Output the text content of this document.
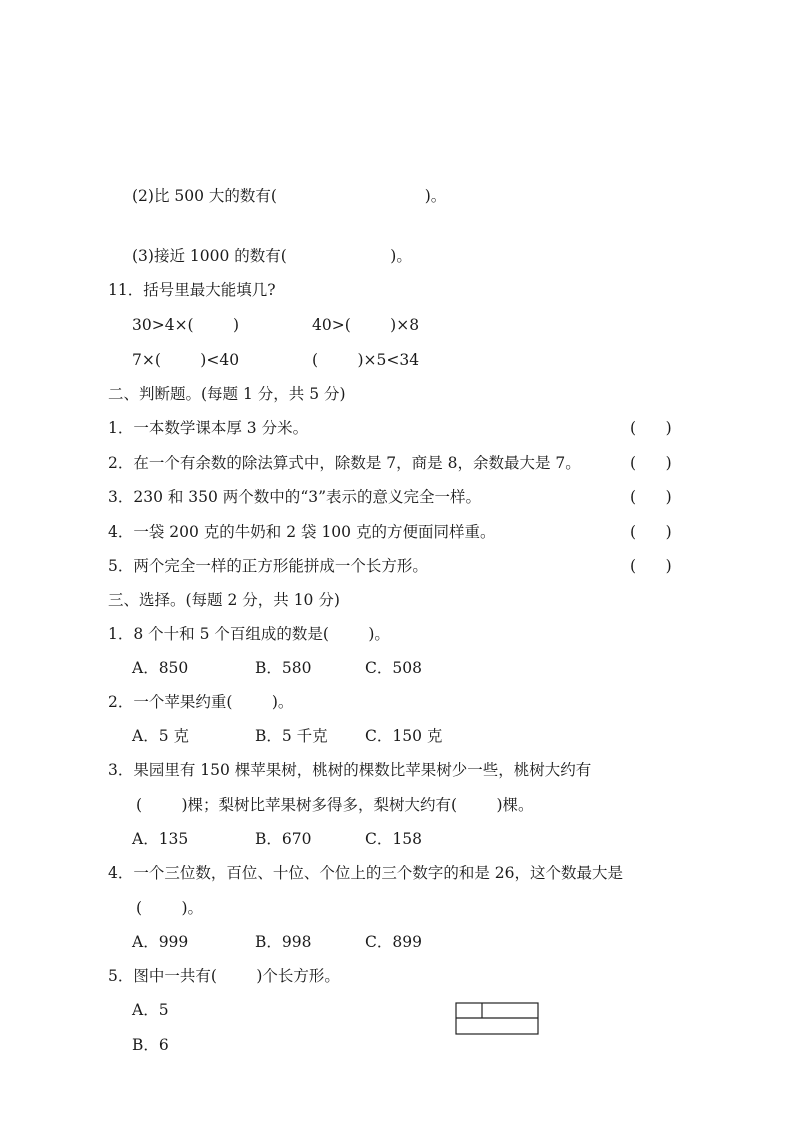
(2)比 500 大的数有(                              )。
(3)接近 1000 的数有(                     )。
11．括号里最大能填几?
30>4×(        )	40>(        )×8
7×(        )<40	(        )×5<34
二、判断题。(每题 1 分，共 5 分)
1．一本数学课本厚 3 分米。	(      )
2．在一个有余数的除法算式中，除数是 7，商是 8，余数最大是 7。	(      )
3．230 和 350 两个数中的“3”表示的意义完全一样。	(      )
4．一袋 200 克的牛奶和 2 袋 100 克的方便面同样重。	(      )
5．两个完全一样的正方形能拼成一个长方形。	(      )
三、选择。(每题 2 分，共 10 分)
1．8 个十和 5 个百组成的数是(        )。
A．850	B．580	C．508
2．一个苹果约重(        )。
A．5 克	B．5 千克 C．150 克
3．果园里有 150 棵苹果树，桃树的棵数比苹果树少一些，桃树大约有
(        )棵；梨树比苹果树多得多，梨树大约有(        )棵。
A．135	B．670	C．158
4．一个三位数，百位、十位、个位上的三个数字的和是 26，这个数最大是
(        )。
A．999	B．998	C．899
5．图中一共有(        )个长方形。
A．5
B．6
